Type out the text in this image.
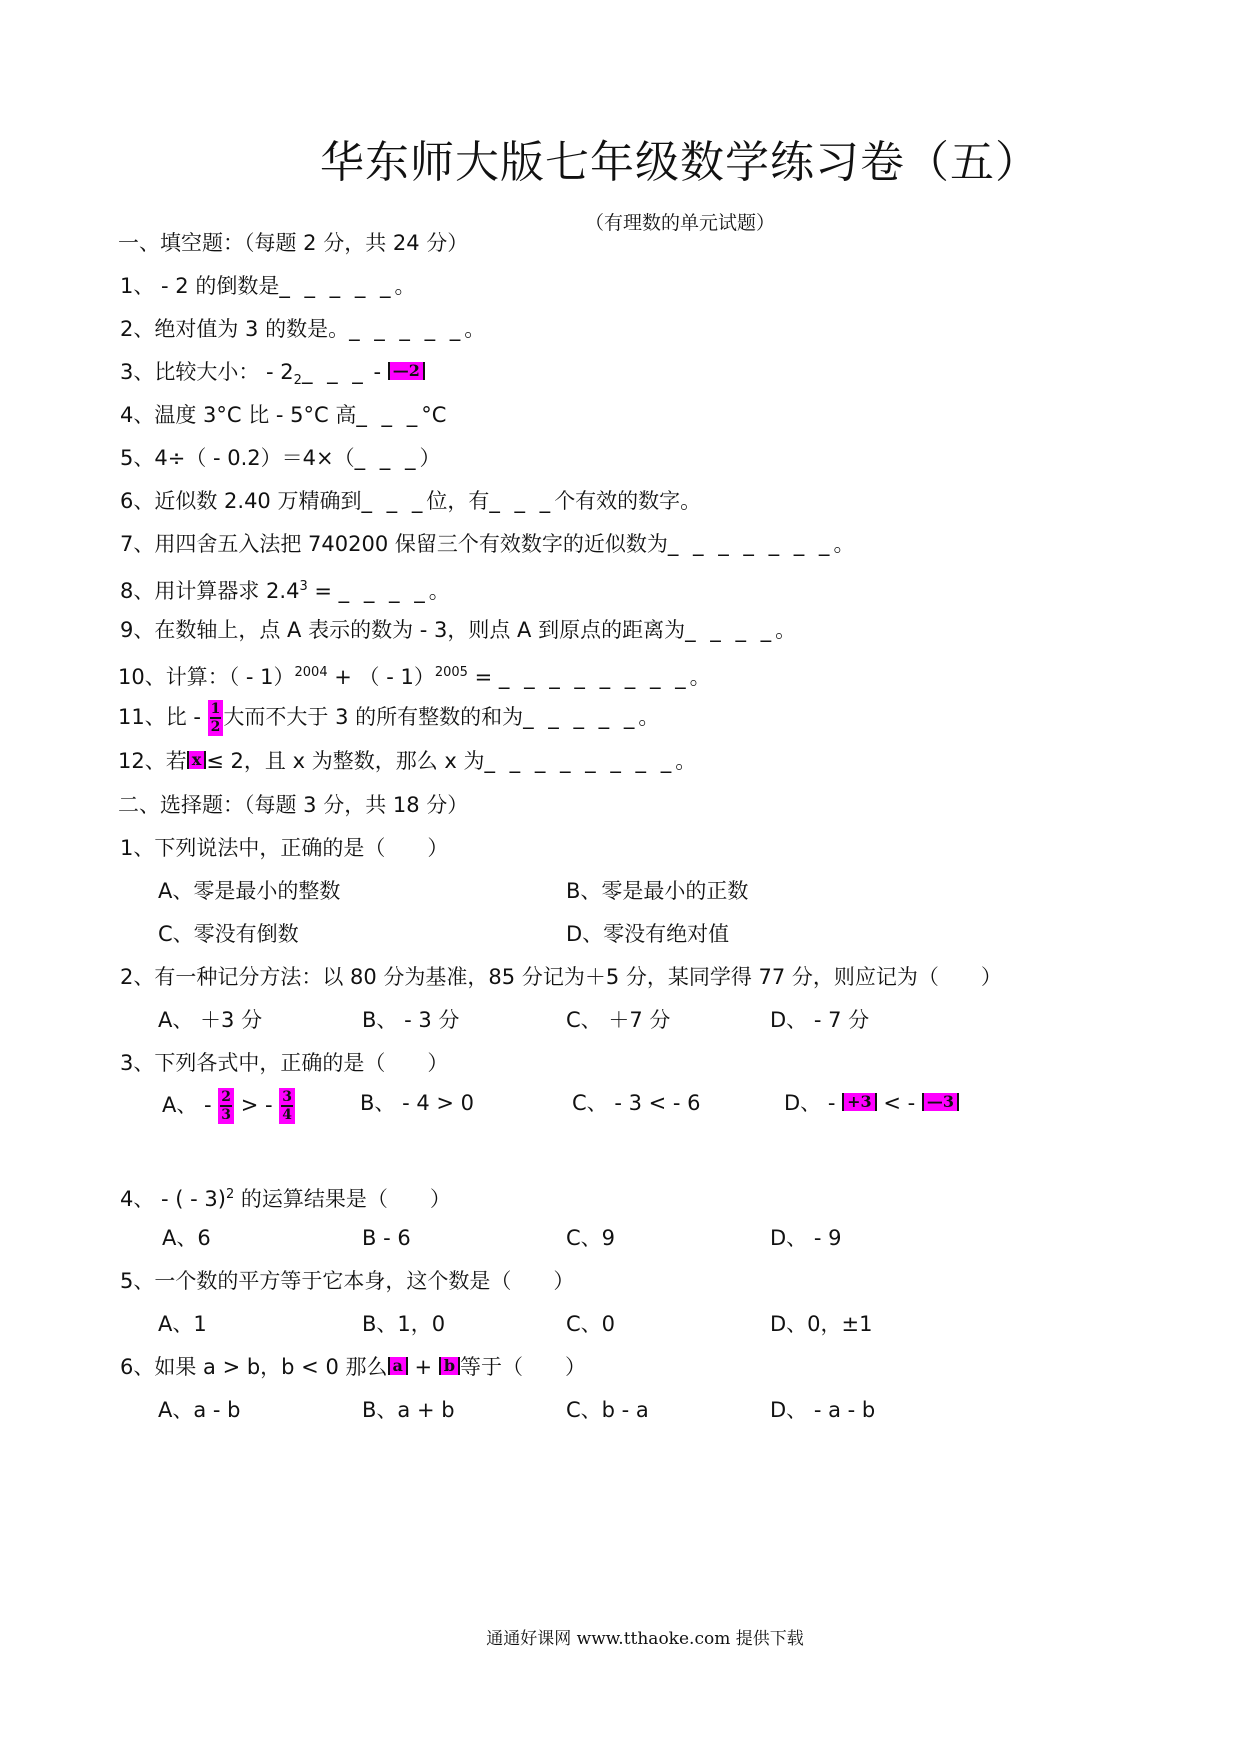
华东师大版七年级数学练习卷（五）
（有理数的单元试题）
一、填空题：（每题 2 分，共 24 分）
1、 - 2 的倒数是_ _ _ _ _。
2、绝对值为 3 的数是。_ _ _ _ _。
3、比较大小： - $2_2\_$ _ _ - —2
4、温度 3°C 比 - 5°C 高_ _ _°C
5、4÷（ - 0.2）＝4×（_ _ _）
6、近似数 2.40 万精确到_ _ _位，有_ _ _个有效的数字。
7、用四舍五入法把 740200 保留三个有效数字的近似数为_ _ _ _ _ _ _。
8、用计算器求 $2.4^3$ = _ _ _ _。
9、在数轴上，点 A 表示的数为 - 3，则点 A 到原点的距离为_ _ _ _。
10、计算：（ - 1）$^{2004}$ + （ - 1）$^{2005}$ = _ _ _ _ _ _ _ _。
11、比 - $\frac{1}{2}$ 大而不大于 3 的所有整数的和为_ _ _ _ _。
12、若 x ≤ 2，且 x 为整数，那么 x 为_ _ _ _ _ _ _ _。
二、选择题：（每题 3 分，共 18 分）
1、下列说法中，正确的是（　　）
A、零是最小的整数	B、零是最小的正数
C、零没有倒数	D、零没有绝对值
2、有一种记分方法：以 80 分为基准，85 分记为＋5 分，某同学得 77 分，则应记为（　　）
A、 ＋3 分	B、 - 3 分	C、 ＋7 分	D、 - 7 分
3、下列各式中，正确的是（　　）
A、 - $\frac{2}{3}$ > - $\frac{3}{4}$	B、 - 4 > 0	C、 - 3 < - 6	D、 - +3 < - —3
4、 - ( - 3)$^2$ 的运算结果是（　　）
A、6	B - 6	C、9	D、 - 9
5、一个数的平方等于它本身，这个数是（　　）
A、1	B、1，0	C、0	D、0，±1
6、如果 a > b，b < 0 那么 a + b 等于（　　）
A、a - b	B、a + b	C、b - a	D、 - a - b
通通好课网 www.tthaoke.com 提供下载
